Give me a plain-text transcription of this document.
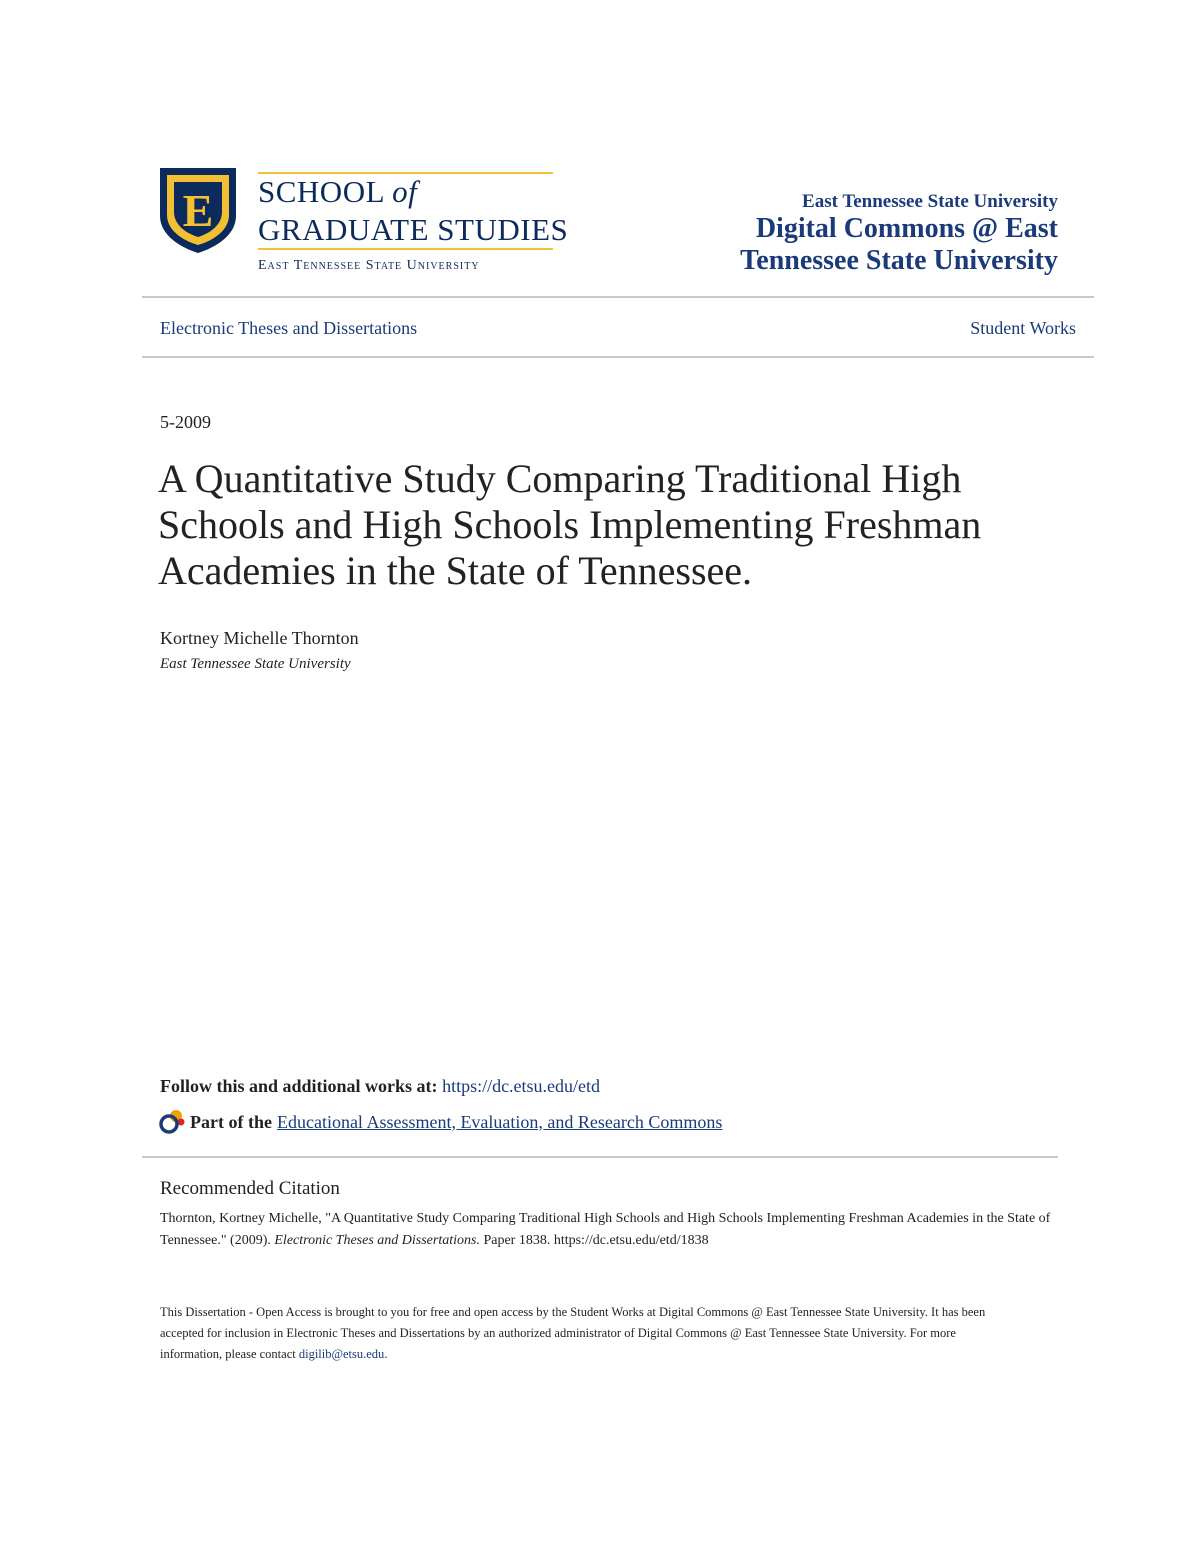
E SCHOOL of
GRADUATE STUDIES
East Tennessee State University
East Tennessee State University
Digital Commons @ East
Tennessee State University
Electronic Theses and Dissertations	Student Works
5-2009
A Quantitative Study Comparing Traditional High Schools and High Schools Implementing Freshman Academies in the State of Tennessee.
Kortney Michelle Thornton
East Tennessee State University
Follow this and additional works at: https://dc.etsu.edu/etd
Part of the Educational Assessment, Evaluation, and Research Commons
Recommended Citation
Thornton, Kortney Michelle, "A Quantitative Study Comparing Traditional High Schools and High Schools Implementing Freshman Academies in the State of Tennessee." (2009). Electronic Theses and Dissertations. Paper 1838. https://dc.etsu.edu/etd/1838
This Dissertation - Open Access is brought to you for free and open access by the Student Works at Digital Commons @ East Tennessee State University. It has been accepted for inclusion in Electronic Theses and Dissertations by an authorized administrator of Digital Commons @ East Tennessee State University. For more information, please contact digilib@etsu.edu.
